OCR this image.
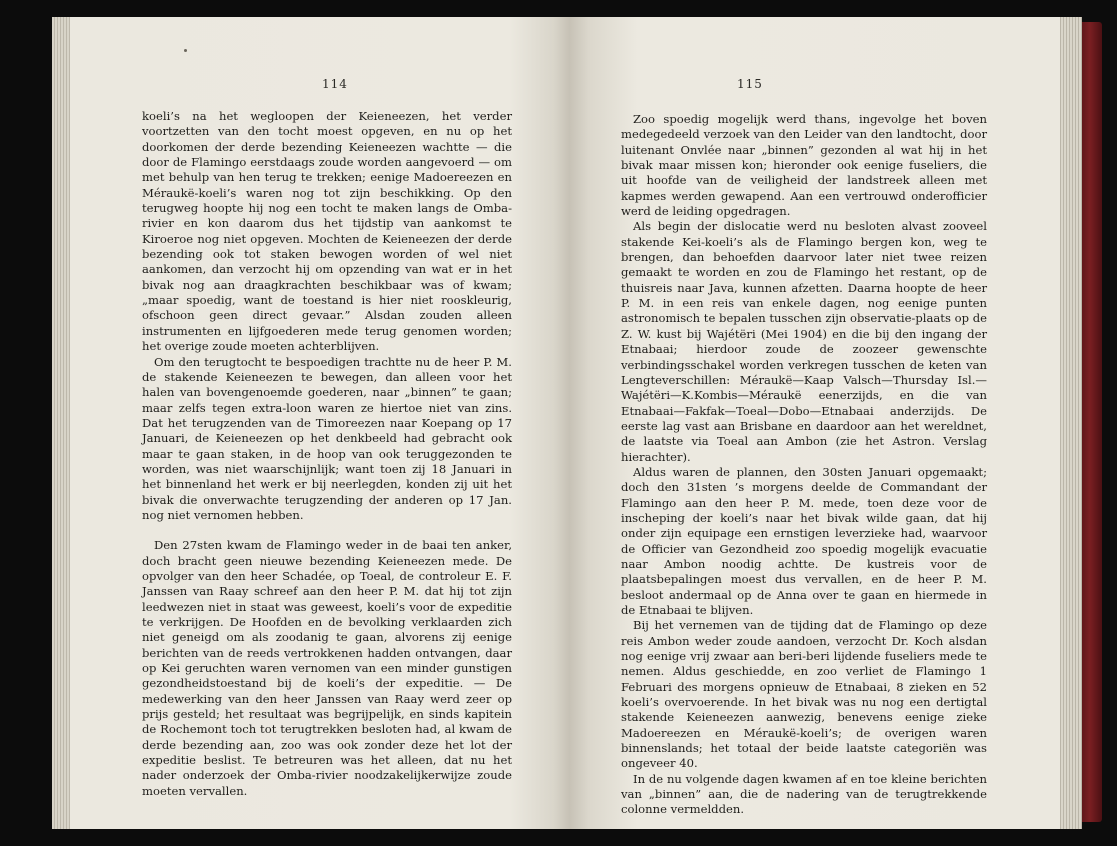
114

koeli’s na het wegloopen der Keieneezen, het verder voortzetten van den tocht moest opgeven, en nu op het doorkomen der derde bezending Keieneezen wachtte — die door de Flamingo eerstdaags zoude worden aangevoerd — om met behulp van hen terug te trekken; eenige Madoereezen en Méraukë-koeli’s waren nog tot zijn beschikking. Op den terugweg hoopte hij nog een tocht te maken langs de Omba-rivier en kon daarom dus het tijdstip van aankomst te Kiroeroe nog niet opgeven. Mochten de Keieneezen der derde bezending ook tot staken bewogen worden of wel niet aankomen, dan verzocht hij om opzending van wat er in het bivak nog aan draagkrachten beschikbaar was of kwam; „maar spoedig, want de toestand is hier niet rooskleurig, ofschoon geen direct gevaar.” Alsdan zouden alleen instrumenten en lijfgoederen mede terug genomen worden; het overige zoude moeten achterblijven.

Om den terugtocht te bespoedigen trachtte nu de heer P. M. de stakende Keieneezen te bewegen, dan alleen voor het halen van bovengenoemde goederen, naar „binnen” te gaan; maar zelfs tegen extra-loon waren ze hiertoe niet van zins. Dat het terugzenden van de Timoreezen naar Koepang op 17 Januari, de Keieneezen op het denkbeeld had gebracht ook maar te gaan staken, in de hoop van ook teruggezonden te worden, was niet waarschijnlijk; want toen zij 18 Januari in het binnenland het werk er bij neerlegden, konden zij uit het bivak die onverwachte terugzending der anderen op 17 Jan. nog niet vernomen hebben.

Den 27sten kwam de Flamingo weder in de baai ten anker, doch bracht geen nieuwe bezending Keieneezen mede. De opvolger van den heer Schadée, op Toeal, de controleur E. F. Janssen van Raay schreef aan den heer P. M. dat hij tot zijn leedwezen niet in staat was geweest, koeli’s voor de expeditie te verkrijgen. De Hoofden en de bevolking verklaarden zich niet geneigd om als zoodanig te gaan, alvorens zij eenige berichten van de reeds vertrokkenen hadden ontvangen, daar op Kei geruchten waren vernomen van een minder gunstigen gezondheidstoestand bij de koeli’s der expeditie. — De medewerking van den heer Janssen van Raay werd zeer op prijs gesteld; het resultaat was begrijpelijk, en sinds kapitein de Rochemont toch tot terugtrekken besloten had, al kwam de derde bezending aan, zoo was ook zonder deze het lot der expeditie beslist. Te betreuren was het alleen, dat nu het nader onderzoek der Omba-rivier noodzakelijkerwijze zoude moeten vervallen.

115

Zoo spoedig mogelijk werd thans, ingevolge het boven medegedeeld verzoek van den Leider van den landtocht, door luitenant Onvlée naar „binnen” gezonden al wat hij in het bivak maar missen kon; hieronder ook eenige fuseliers, die uit hoofde van de veiligheid der landstreek alleen met kapmes werden gewapend. Aan een vertrouwd onderofficier werd de leiding opgedragen.

Als begin der dislocatie werd nu besloten alvast zooveel stakende Kei-koeli’s als de Flamingo bergen kon, weg te brengen, dan behoefden daarvoor later niet twee reizen gemaakt te worden en zou de Flamingo het restant, op de thuisreis naar Java, kunnen afzetten. Daarna hoopte de heer P. M. in een reis van enkele dagen, nog eenige punten astronomisch te bepalen tusschen zijn observatie-plaats op de Z. W. kust bij Wajétëri (Mei 1904) en die bij den ingang der Etnabaai; hierdoor zoude de zoozeer gewenschte verbindingsschakel worden verkregen tusschen de keten van Lengteverschillen: Méraukë—Kaap Valsch—Thursday Isl.—Wajétëri—K.Kombis—Méraukë eenerzijds, en die van Etnabaai—Fakfak—Toeal—Dobo—Etnabaai anderzijds. De eerste lag vast aan Brisbane en daardoor aan het wereldnet, de laatste via Toeal aan Ambon (zie het Astron. Verslag hierachter).

Aldus waren de plannen, den 30sten Januari opgemaakt; doch den 31sten ’s morgens deelde de Commandant der Flamingo aan den heer P. M. mede, toen deze voor de inscheping der koeli’s naar het bivak wilde gaan, dat hij onder zijn equipage een ernstigen leverzieke had, waarvoor de Officier van Gezondheid zoo spoedig mogelijk evacuatie naar Ambon noodig achtte. De kustreis voor de plaatsbepalingen moest dus vervallen, en de heer P. M. besloot andermaal op de Anna over te gaan en hiermede in de Etnabaai te blijven.

Bij het vernemen van de tijding dat de Flamingo op deze reis Ambon weder zoude aandoen, verzocht Dr. Koch alsdan nog eenige vrij zwaar aan beri-beri lijdende fuseliers mede te nemen. Aldus geschiedde, en zoo verliet de Flamingo 1 Februari des morgens opnieuw de Etnabaai, 8 zieken en 52 koeli’s overvoerende. In het bivak was nu nog een dertigtal stakende Keieneezen aanwezig, benevens eenige zieke Madoereezen en Méraukë-koeli’s; de overigen waren binnenslands; het totaal der beide laatste categoriën was ongeveer 40.

In de nu volgende dagen kwamen af en toe kleine berichten van „binnen” aan, die de nadering van de terugtrekkende colonne vermeldden.
